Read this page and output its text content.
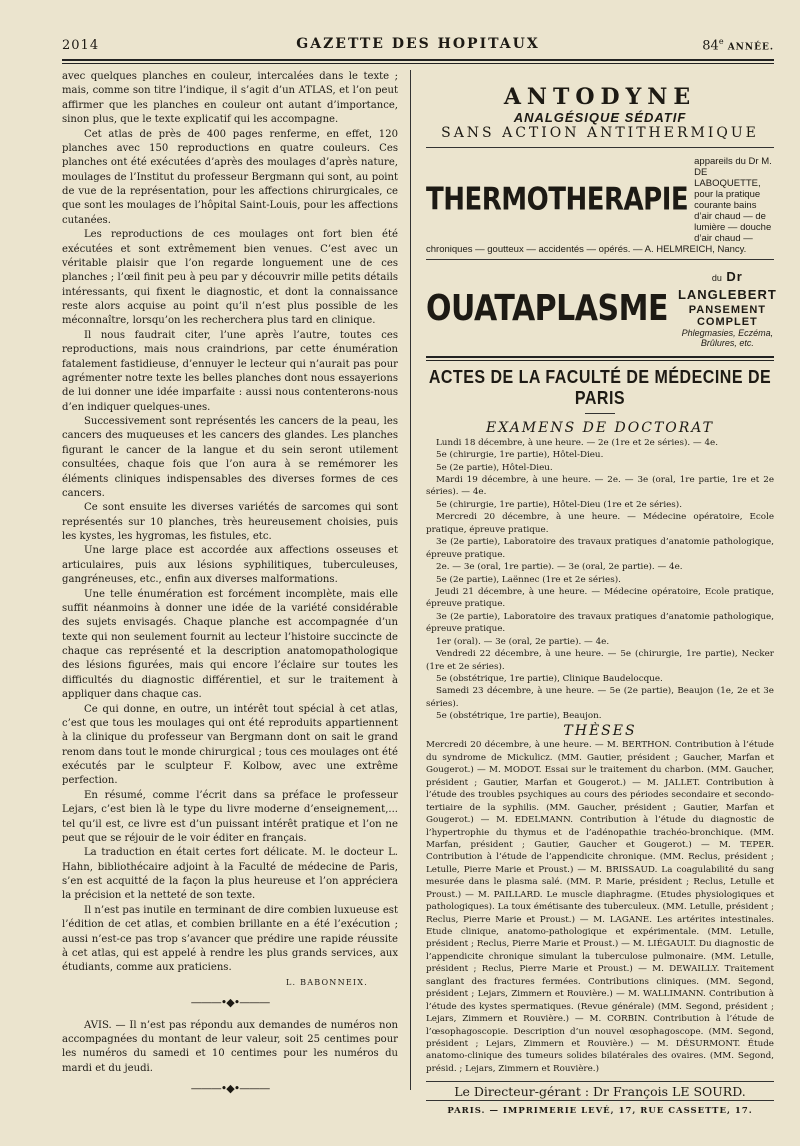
2014	GAZETTE DES HOPITAUX	84e ANNÉE.

avec quelques planches en couleur, intercalées dans le texte ; mais, comme son titre l’indique, il s’agit d’un ATLAS, et l’on peut affirmer que les planches en couleur ont autant d’importance, sinon plus, que le texte explicatif qui les accompagne.

Cet atlas de près de 400 pages renferme, en effet, 120 planches avec 150 reproductions en quatre couleurs. Ces planches ont été exécutées d’après des moulages d’après nature, moulages de l’Institut du professeur Bergmann qui sont, au point de vue de la représentation, pour les affections chirurgicales, ce que sont les moulages de l’hôpital Saint-Louis, pour les affections cutanées.

Les reproductions de ces moulages ont fort bien été exécutées et sont extrêmement bien venues. C’est avec un véritable plaisir que l’on regarde longuement une de ces planches ; l’œil finit peu à peu par y découvrir mille petits détails intéressants, qui fixent le diagnostic, et dont la connaissance reste alors acquise au point qu’il n’est plus possible de les méconnaître, lorsqu’on les recherchera plus tard en clinique.

Il nous faudrait citer, l’une après l’autre, toutes ces reproductions, mais nous craindrions, par cette énumération fatalement fastidieuse, d’ennuyer le lecteur qui n’aurait pas pour agrémenter notre texte les belles planches dont nous essayerions de lui donner une idée imparfaite : aussi nous contenterons-nous d’en indiquer quelques-unes.

Successivement sont représentés les cancers de la peau, les cancers des muqueuses et les cancers des glandes. Les planches figurant le cancer de la langue et du sein seront utilement consultées, chaque fois que l’on aura à se remémorer les éléments cliniques indispensables des diverses formes de ces cancers.

Ce sont ensuite les diverses variétés de sarcomes qui sont représentés sur 10 planches, très heureusement choisies, puis les kystes, les hygromas, les fistules, etc.

Une large place est accordée aux affections osseuses et articulaires, puis aux lésions syphilitiques, tuberculeuses, gangréneuses, etc., enfin aux diverses malformations.

Une telle énumération est forcément incomplète, mais elle suffit néanmoins à donner une idée de la variété considérable des sujets envisagés. Chaque planche est accompagnée d’un texte qui non seulement fournit au lecteur l’histoire succincte de chaque cas représenté et la description anatomopathologique des lésions figurées, mais qui encore l’éclaire sur toutes les difficultés du diagnostic différentiel, et sur le traitement à appliquer dans chaque cas.

Ce qui donne, en outre, un intérêt tout spécial à cet atlas, c’est que tous les moulages qui ont été reproduits appartiennent à la clinique du professeur van Bergmann dont on sait le grand renom dans tout le monde chirurgical ; tous ces moulages ont été exécutés par le sculpteur F. Kolbow, avec une extrême perfection.

En résumé, comme l’écrit dans sa préface le professeur Lejars, c’est bien là le type du livre moderne d’enseignement,... tel qu’il est, ce livre est d’un puissant intérêt pratique et l’on ne peut que se réjouir de le voir éditer en français.

La traduction en était certes fort délicate. M. le docteur L. Hahn, bibliothécaire adjoint à la Faculté de médecine de Paris, s’en est acquitté de la façon la plus heureuse et l’on appréciera la précision et la netteté de son texte.

Il n’est pas inutile en terminant de dire combien luxueuse est l’édition de cet atlas, et combien brillante en a été l’exécution ; aussi n’est-ce pas trop s’avancer que prédire une rapide réussite à cet atlas, qui est appelé à rendre les plus grands services, aux étudiants, comme aux praticiens.

L. BABONNEIX.

———•◆•———

AVIS. — Il n’est pas répondu aux demandes de numéros non accompagnées du montant de leur valeur, soit 25 centimes pour les numéros du samedi et 10 centimes pour les numéros du mardi et du jeudi.

———•◆•———
ANTODYNE
ANALGÉSIQUE SÉDATIF
SANS ACTION ANTITHERMIQUE
THERMOTHERAPIE
appareils du Dr M. DE LABOQUETTE, pour la pratique courante bains d’air chaud — de lumière — douche d’air chaud —
chroniques — goutteux — accidentés — opérés. — A. HELMREICH, Nancy.
OUATAPLASME
du Dr LANGLEBERT
PANSEMENT COMPLET
Phlegmasies, Eczéma, Brûlures, etc.
ACTES DE LA FACULTÉ DE MÉDECINE DE PARIS
EXAMENS DE DOCTORAT

Lundi 18 décembre, à une heure. — 2e (1re et 2e séries). — 4e.

5e (chirurgie, 1re partie), Hôtel-Dieu.

5e (2e partie), Hôtel-Dieu.

Mardi 19 décembre, à une heure. — 2e. — 3e (oral, 1re partie, 1re et 2e séries). — 4e.

5e (chirurgie, 1re partie), Hôtel-Dieu (1re et 2e séries).

Mercredi 20 décembre, à une heure. — Médecine opératoire, Ecole pratique, épreuve pratique.

3e (2e partie), Laboratoire des travaux pratiques d’anatomie pathologique, épreuve pratique.

2e. — 3e (oral, 1re partie). — 3e (oral, 2e partie). — 4e.

5e (2e partie), Laënnec (1re et 2e séries).

Jeudi 21 décembre, à une heure. — Médecine opératoire, Ecole pratique, épreuve pratique.

3e (2e partie), Laboratoire des travaux pratiques d’anatomie pathologique, épreuve pratique.

1er (oral). — 3e (oral, 2e partie). — 4e.

Vendredi 22 décembre, à une heure. — 5e (chirurgie, 1re partie), Necker (1re et 2e séries).

5e (obstétrique, 1re partie), Clinique Baudelocque.

Samedi 23 décembre, à une heure. — 5e (2e partie), Beaujon (1e, 2e et 3e séries).

5e (obstétrique, 1re partie), Beaujon.

THÈSES

Mercredi 20 décembre, à une heure. — M. BERTHON. Contribution à l’étude du syndrome de Mickulicz. (MM. Gautier, président ; Gaucher, Marfan et Gougerot.) — M. MODOT. Essai sur le traitement du charbon. (MM. Gaucher, président ; Gautier, Marfan et Gougerot.) — M. JALLET. Contribution à l’étude des troubles psychiques au cours des périodes secondaire et secondo-tertiaire de la syphilis. (MM. Gaucher, président ; Gautier, Marfan et Gougerot.) — M. EDELMANN. Contribution à l’étude du diagnostic de l’hypertrophie du thymus et de l’adénopathie trachéo-bronchique. (MM. Marfan, président ; Gautier, Gaucher et Gougerot.) — M. TEPER. Contribution à l’étude de l’appendicite chronique. (MM. Reclus, président ; Letulle, Pierre Marie et Proust.) — M. BRISSAUD. La coagulabilité du sang mesurée dans le plasma salé. (MM. P. Marie, président ; Reclus, Letulle et Proust.) — M. PAILLARD. Le muscle diaphragme. (Etudes physiologiques et pathologiques). La toux émétisante des tuberculeux. (MM. Letulle, président ; Reclus, Pierre Marie et Proust.) — M. LAGANE. Les artérites intestinales. Etude clinique, anatomo-pathologique et expérimentale. (MM. Letulle, président ; Reclus, Pierre Marie et Proust.) — M. LIÉGAULT. Du diagnostic de l’appendicite chronique simulant la tuberculose pulmonaire. (MM. Letulle, président ; Reclus, Pierre Marie et Proust.) — M. DEWAILLY. Traitement sanglant des fractures fermées. Contributions cliniques. (MM. Segond, président ; Lejars, Zimmern et Rouvière.) — M. WALLIMANN. Contribution à l’étude des kystes spermatiques. (Revue générale) (MM. Segond, président ; Lejars, Zimmern et Rouvière.) — M. CORBIN. Contribution à l’étude de l’œsophagoscopie. Description d’un nouvel œsophagoscope. (MM. Segond, président ; Lejars, Zimmern et Rouvière.) — M. DÉSURMONT. Étude anatomo-clinique des tumeurs solides bilatérales des ovaires. (MM. Segond, présid. ; Lejars, Zimmern et Rouvière.)

Le Directeur-gérant : Dr François LE SOURD.
PARIS. — IMPRIMERIE LEVÉ, 17, RUE CASSETTE, 17.
